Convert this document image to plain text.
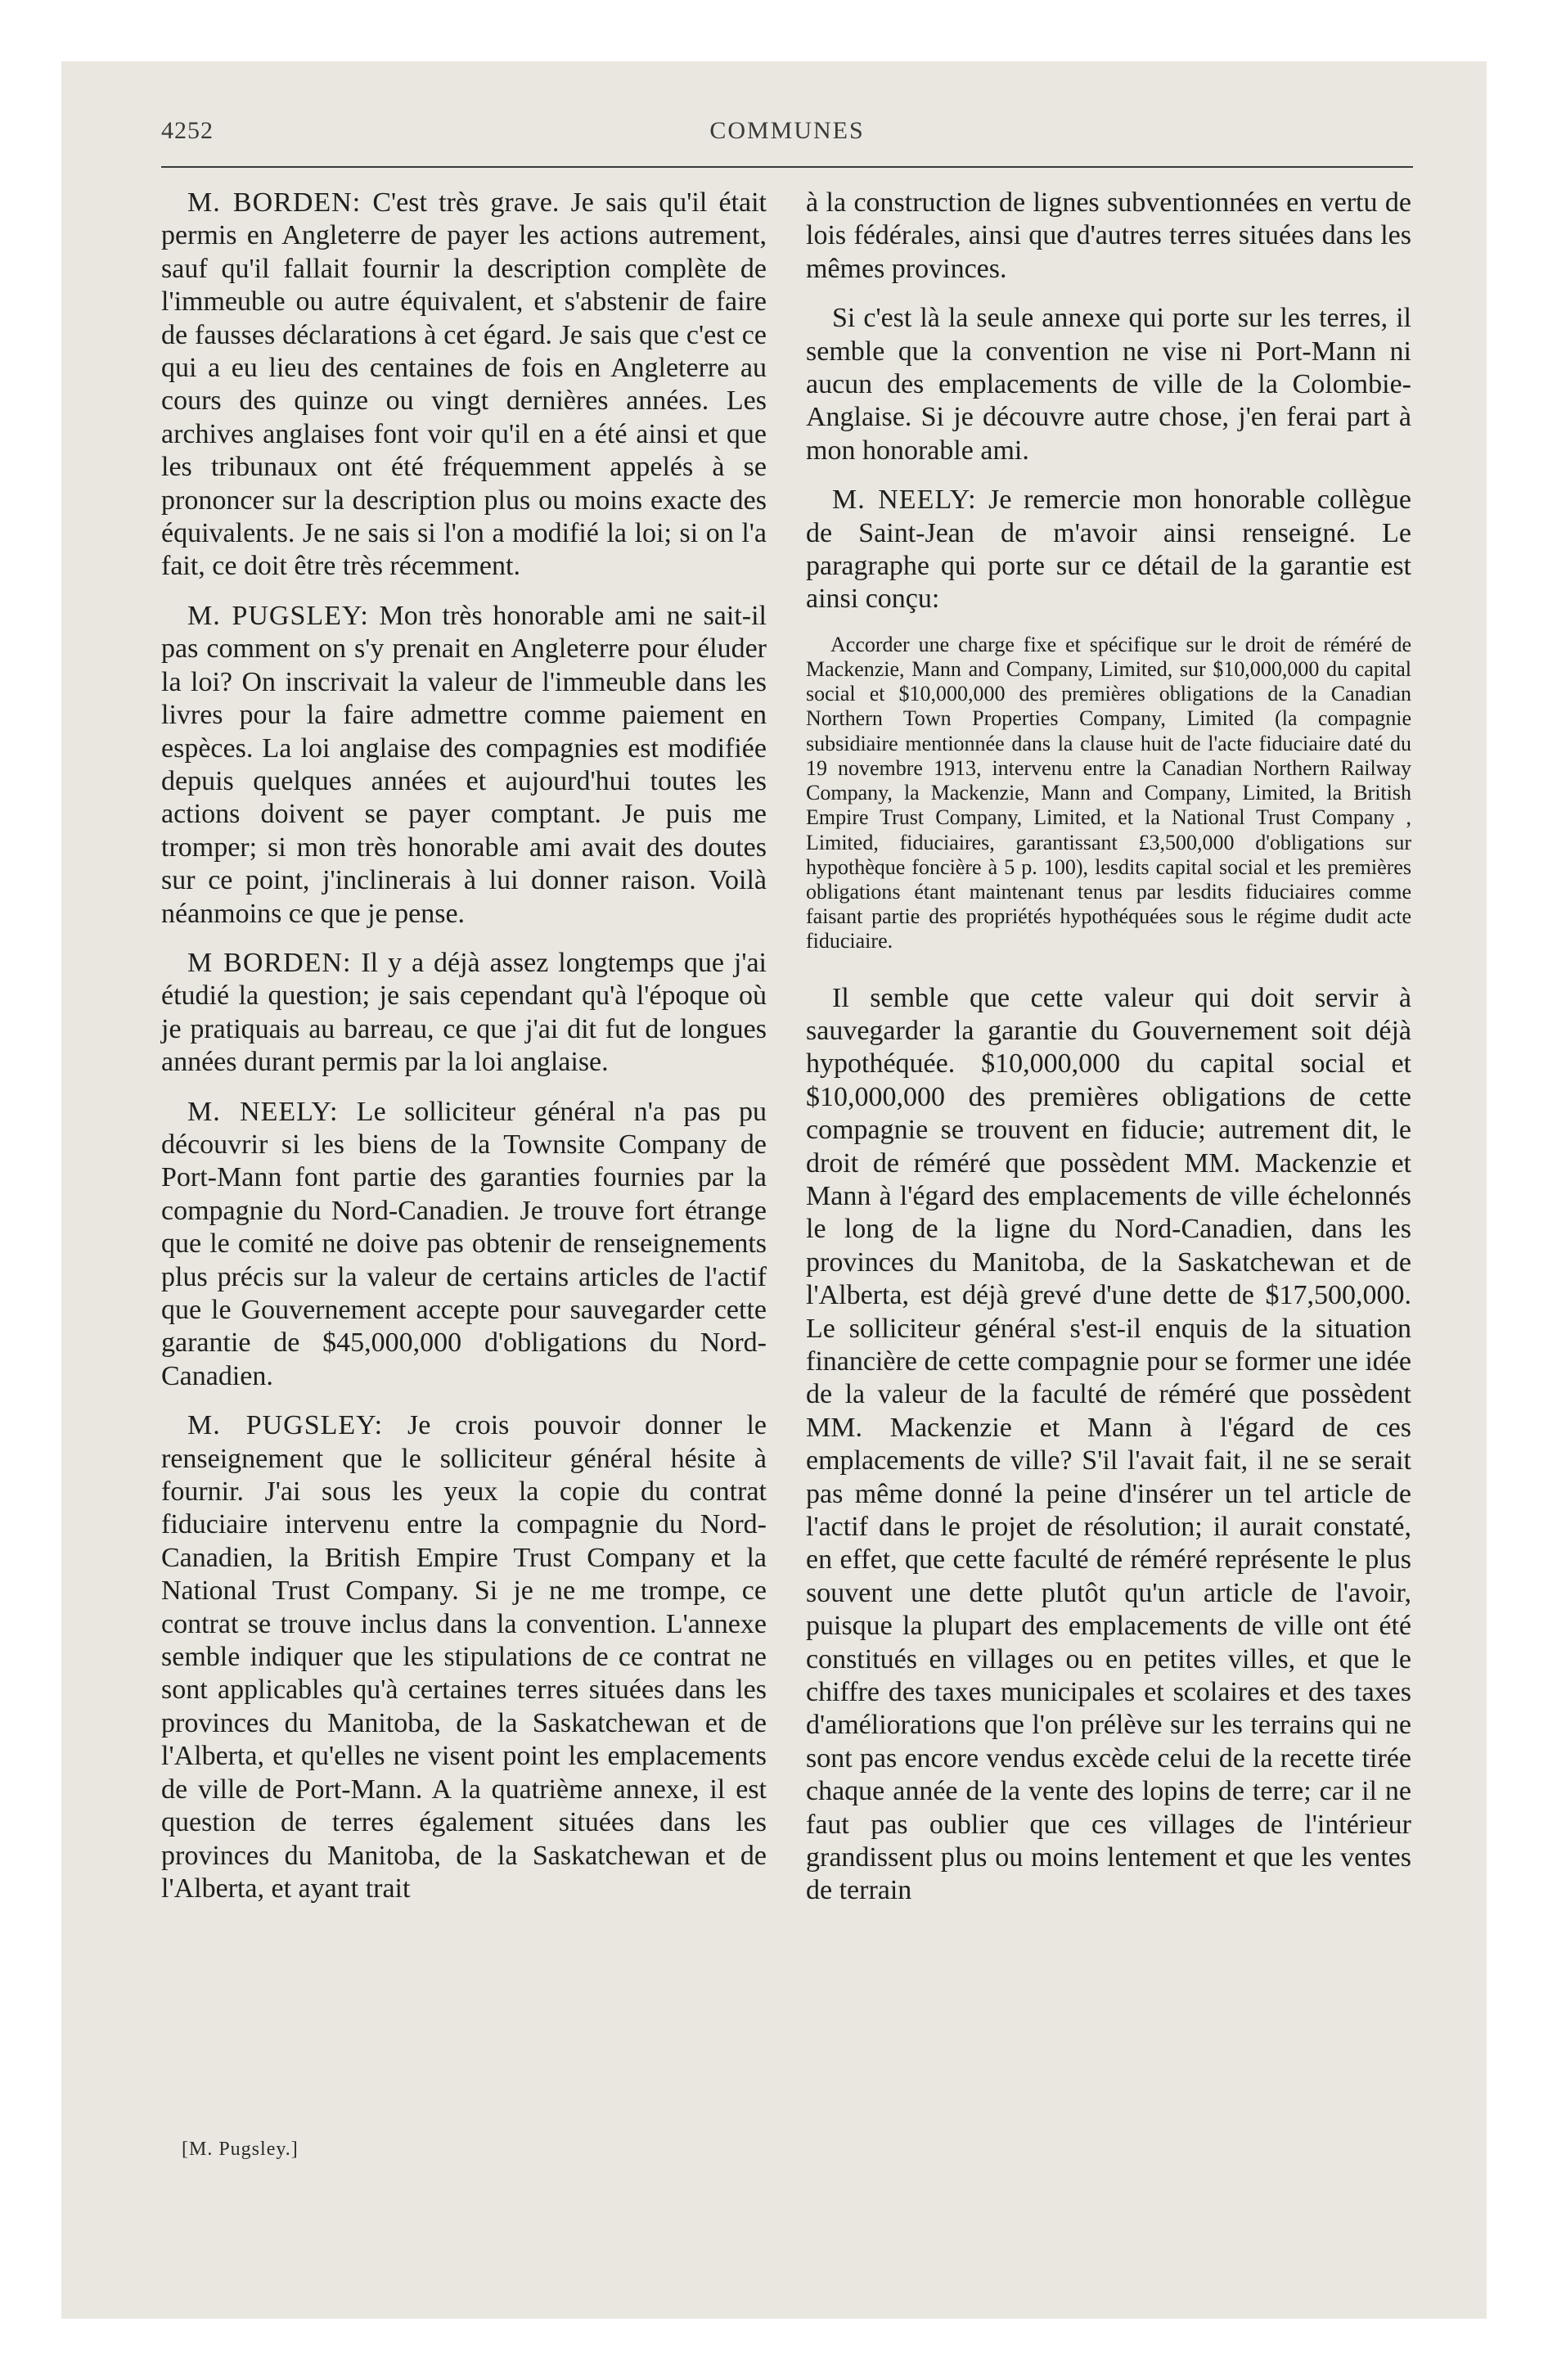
4252	COMMUNES

M. BORDEN: C'est très grave. Je sais qu'il était permis en Angleterre de payer les actions autrement, sauf qu'il fallait fournir la description complète de l'immeuble ou autre équivalent, et s'abstenir de faire de fausses déclarations à cet égard. Je sais que c'est ce qui a eu lieu des centaines de fois en Angleterre au cours des quinze ou vingt dernières années. Les archives anglaises font voir qu'il en a été ainsi et que les tribunaux ont été fréquemment appelés à se prononcer sur la description plus ou moins exacte des équivalents. Je ne sais si l'on a modifié la loi; si on l'a fait, ce doit être très récemment.

M. PUGSLEY: Mon très honorable ami ne sait-il pas comment on s'y prenait en Angleterre pour éluder la loi? On inscrivait la valeur de l'immeuble dans les livres pour la faire admettre comme paiement en espèces. La loi anglaise des compagnies est modifiée depuis quelques années et aujourd'hui toutes les actions doivent se payer comptant. Je puis me tromper; si mon très honorable ami avait des doutes sur ce point, j'inclinerais à lui donner raison. Voilà néanmoins ce que je pense.

M BORDEN: Il y a déjà assez longtemps que j'ai étudié la question; je sais cependant qu'à l'époque où je pratiquais au barreau, ce que j'ai dit fut de longues années durant permis par la loi anglaise.

M. NEELY: Le solliciteur général n'a pas pu découvrir si les biens de la Townsite Company de Port-Mann font partie des garanties fournies par la compagnie du Nord-Canadien. Je trouve fort étrange que le comité ne doive pas obtenir de renseignements plus précis sur la valeur de certains articles de l'actif que le Gouvernement accepte pour sauvegarder cette garantie de $45,000,000 d'obligations du Nord-Canadien.

M. PUGSLEY: Je crois pouvoir donner le renseignement que le solliciteur général hésite à fournir. J'ai sous les yeux la copie du contrat fiduciaire intervenu entre la compagnie du Nord-Canadien, la British Empire Trust Company et la National Trust Company. Si je ne me trompe, ce contrat se trouve inclus dans la convention. L'annexe semble indiquer que les stipulations de ce contrat ne sont applicables qu'à certaines terres situées dans les provinces du Manitoba, de la Saskatchewan et de l'Alberta, et qu'elles ne visent point les emplacements de ville de Port-Mann. A la quatrième annexe, il est question de terres également situées dans les provinces du Manitoba, de la Saskatchewan et de l'Alberta, et ayant trait

à la construction de lignes subventionnées en vertu de lois fédérales, ainsi que d'autres terres situées dans les mêmes provinces.

Si c'est là la seule annexe qui porte sur les terres, il semble que la convention ne vise ni Port-Mann ni aucun des emplacements de ville de la Colombie-Anglaise. Si je découvre autre chose, j'en ferai part à mon honorable ami.

M. NEELY: Je remercie mon honorable collègue de Saint-Jean de m'avoir ainsi renseigné. Le paragraphe qui porte sur ce détail de la garantie est ainsi conçu:

Accorder une charge fixe et spécifique sur le droit de réméré de Mackenzie, Mann and Company, Limited, sur $10,000,000 du capital social et $10,000,000 des premières obligations de la Canadian Northern Town Properties Company, Limited (la compagnie subsidiaire mentionnée dans la clause huit de l'acte fiduciaire daté du 19 novembre 1913, intervenu entre la Canadian Northern Railway Company, la Mackenzie, Mann and Company, Limited, la British Empire Trust Company, Limited, et la National Trust Company , Limited, fiduciaires, garantissant £3,500,000 d'obligations sur hypothèque foncière à 5 p. 100), lesdits capital social et les premières obligations étant maintenant tenus par lesdits fiduciaires comme faisant partie des propriétés hypothéquées sous le régime dudit acte fiduciaire.

Il semble que cette valeur qui doit servir à sauvegarder la garantie du Gouvernement soit déjà hypothéquée. $10,000,000 du capital social et $10,000,000 des premières obligations de cette compagnie se trouvent en fiducie; autrement dit, le droit de réméré que possèdent MM. Mackenzie et Mann à l'égard des emplacements de ville échelonnés le long de la ligne du Nord-Canadien, dans les provinces du Manitoba, de la Saskatchewan et de l'Alberta, est déjà grevé d'une dette de $17,500,000. Le solliciteur général s'est-il enquis de la situation financière de cette compagnie pour se former une idée de la valeur de la faculté de réméré que possèdent MM. Mackenzie et Mann à l'égard de ces emplacements de ville? S'il l'avait fait, il ne se serait pas même donné la peine d'insérer un tel article de l'actif dans le projet de résolution; il aurait constaté, en effet, que cette faculté de réméré représente le plus souvent une dette plutôt qu'un article de l'avoir, puisque la plupart des emplacements de ville ont été constitués en villages ou en petites villes, et que le chiffre des taxes municipales et scolaires et des taxes d'améliorations que l'on prélève sur les terrains qui ne sont pas encore vendus excède celui de la recette tirée chaque année de la vente des lopins de terre; car il ne faut pas oublier que ces villages de l'intérieur grandissent plus ou moins lentement et que les ventes de terrain

[M. Pugsley.]
